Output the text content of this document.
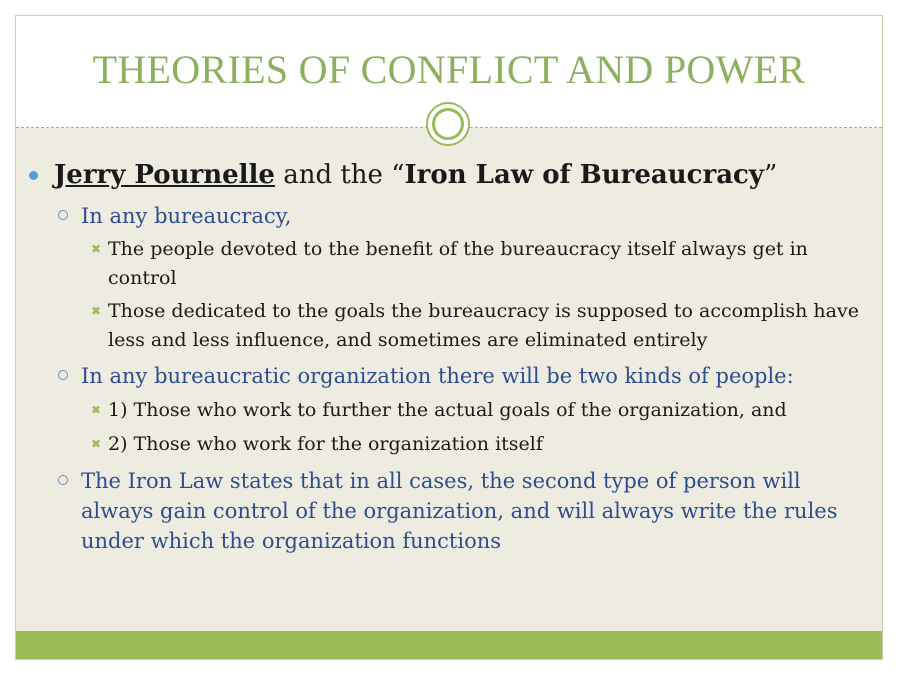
THEORIES OF CONFLICT AND POWER
Jerry Pournelle and the “Iron Law of Bureaucracy”
In any bureaucracy,
✖ The people devoted to the benefit of the bureaucracy itself always get in control
✖ Those dedicated to the goals the bureaucracy is supposed to accomplish have less and less influence, and sometimes are eliminated entirely
In any bureaucratic organization there will be two kinds of people:
✖ 1) Those who work to further the actual goals of the organization, and
✖ 2) Those who work for the organization itself
The Iron Law states that in all cases, the second type of person will always gain control of the organization, and will always write the rules under which the organization functions
